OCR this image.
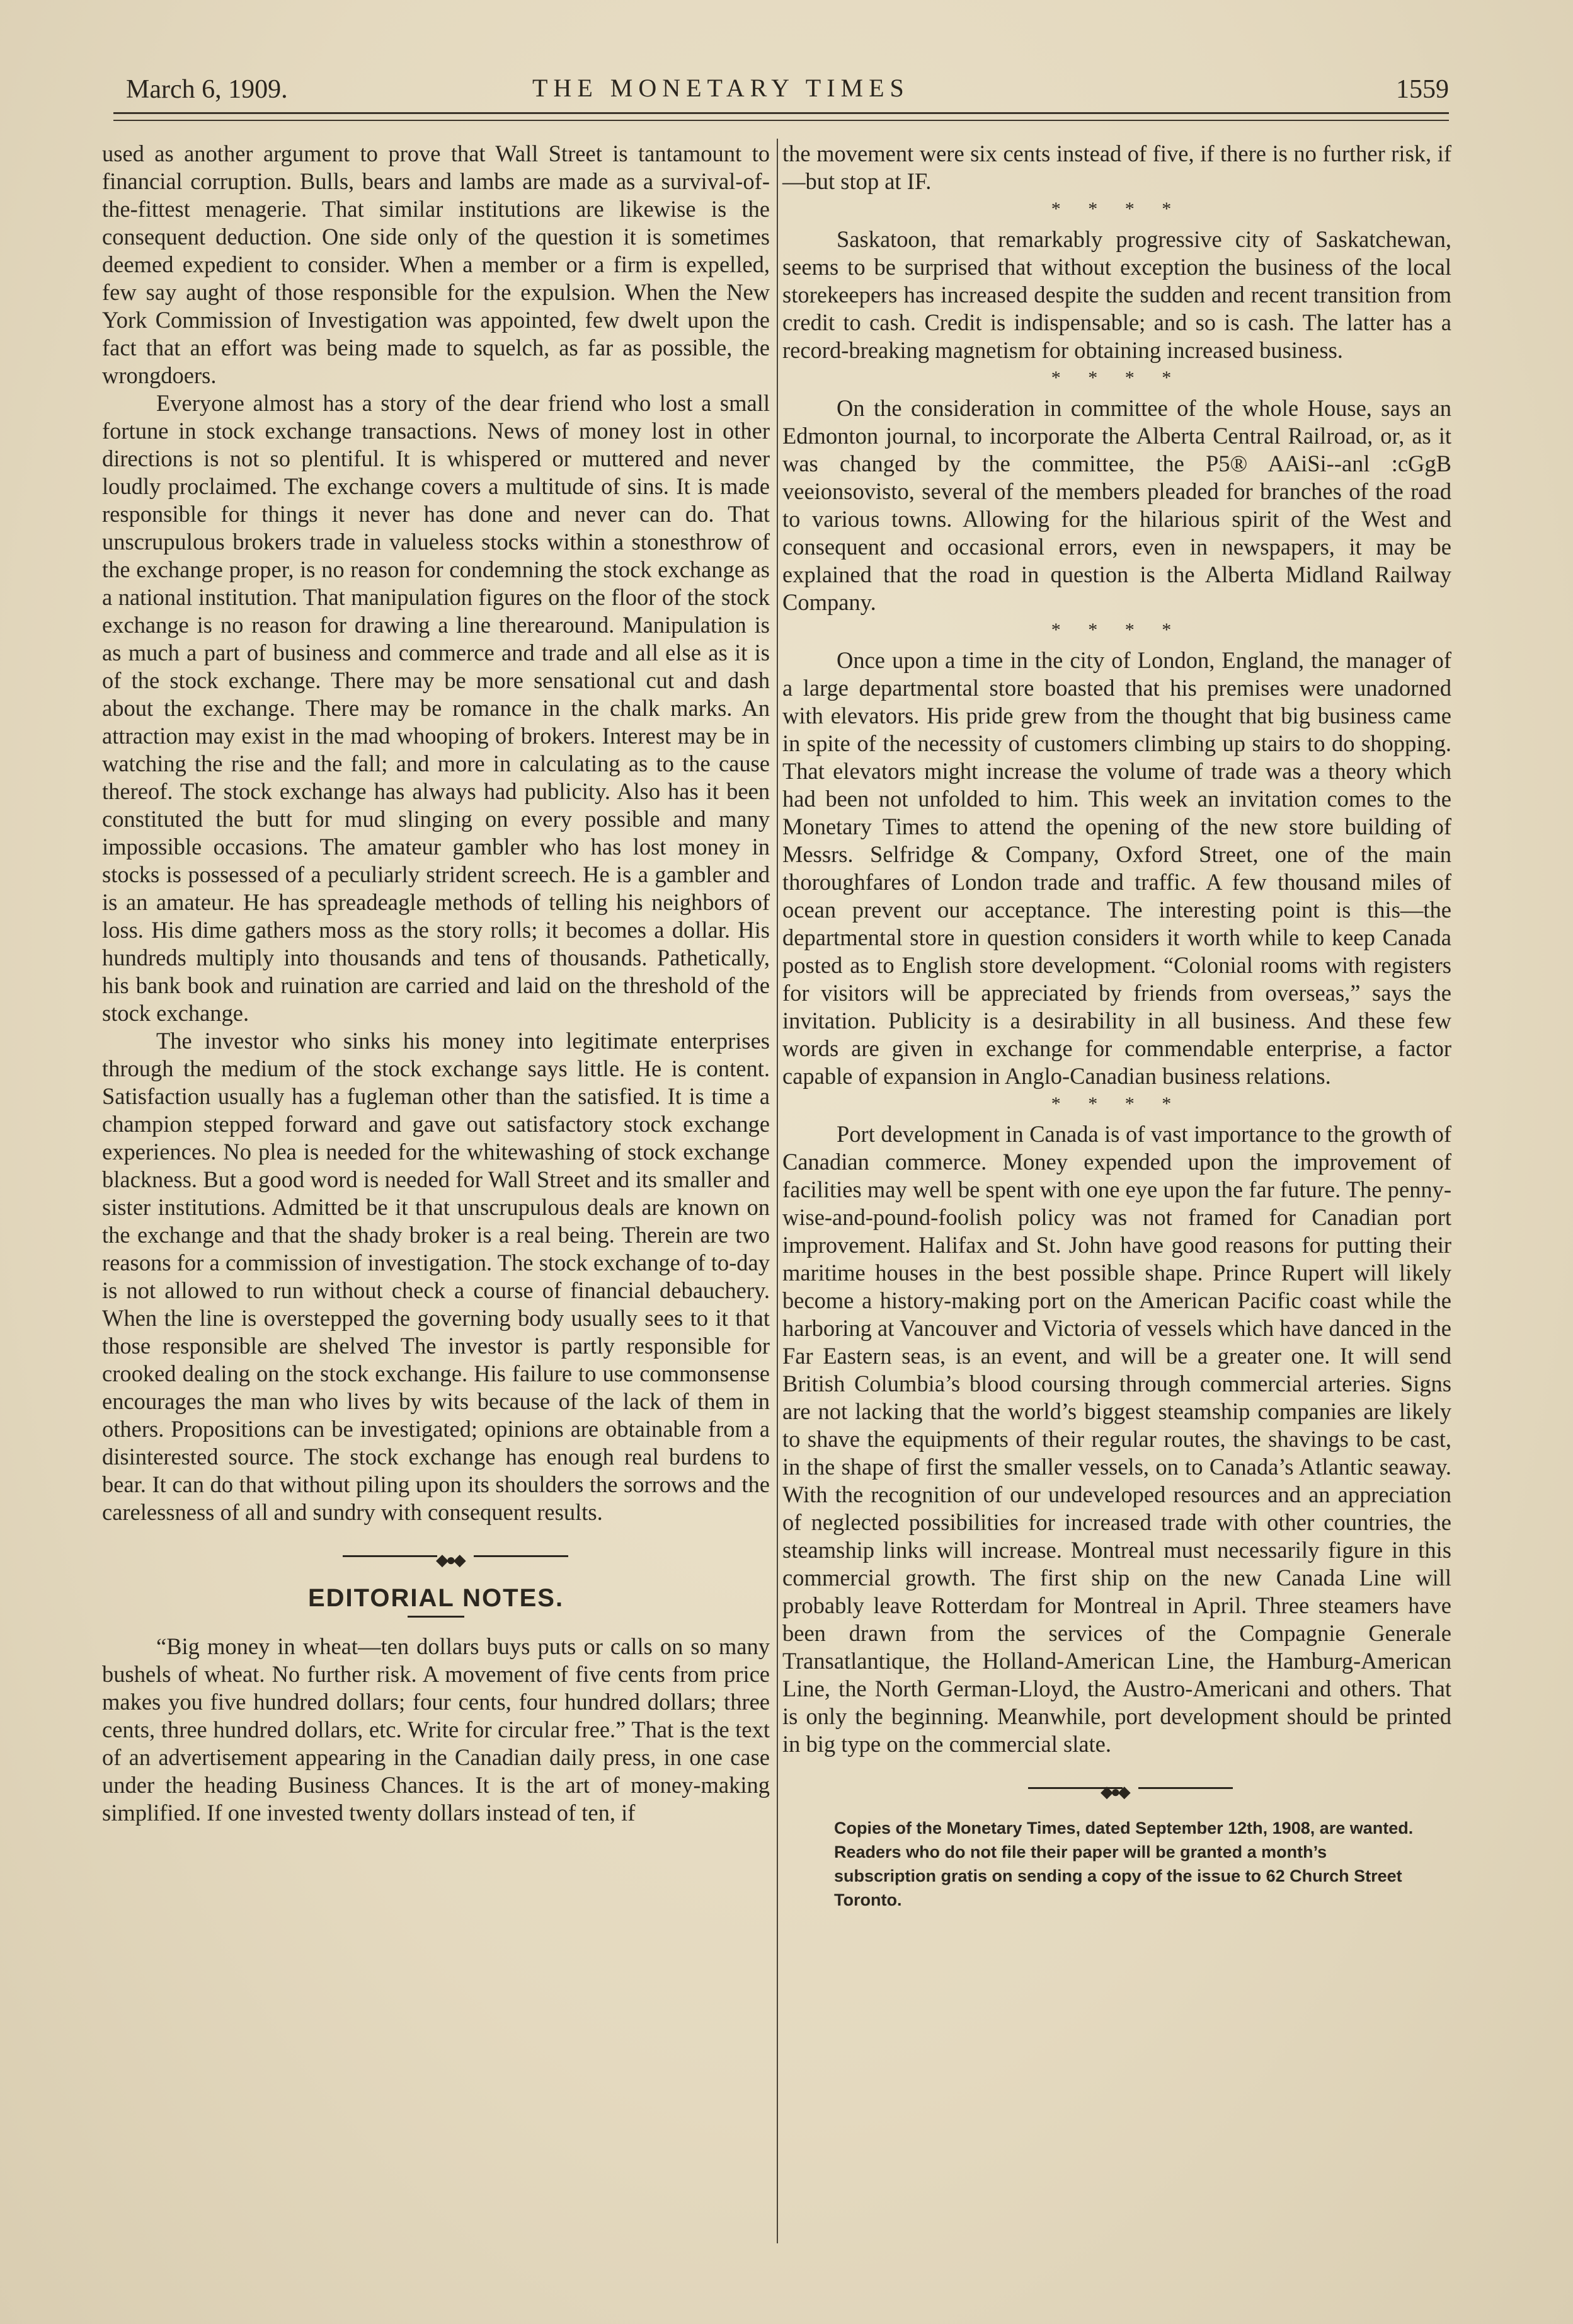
March 6, 1909.	THE MONETARY TIMES	1559

used as another argument to prove that Wall Street is tantamount to financial corruption. Bulls, bears and lambs are made as a survival-of-the-fittest menagerie. That similar institutions are likewise is the consequent deduction. One side only of the question it is sometimes deemed expedient to consider. When a member or a firm is expelled, few say aught of those responsible for the expulsion. When the New York Commission of Investigation was appointed, few dwelt upon the fact that an effort was being made to squelch, as far as possible, the wrongdoers.

Everyone almost has a story of the dear friend who lost a small fortune in stock exchange transactions. News of money lost in other directions is not so plentiful. It is whispered or muttered and never loudly proclaimed. The exchange covers a multitude of sins. It is made responsible for things it never has done and never can do. That unscrupulous brokers trade in valueless stocks within a stonesthrow of the exchange proper, is no reason for condemning the stock exchange as a national institution. That manipulation figures on the floor of the stock exchange is no reason for drawing a line therearound. Manipulation is as much a part of business and commerce and trade and all else as it is of the stock exchange. There may be more sensational cut and dash about the exchange. There may be romance in the chalk marks. An attraction may exist in the mad whooping of brokers. Interest may be in watching the rise and the fall; and more in calculating as to the cause thereof. The stock exchange has always had publicity. Also has it been constituted the butt for mud slinging on every possible and many impossible occasions. The amateur gambler who has lost money in stocks is possessed of a peculiarly strident screech. He is a gambler and is an amateur. He has spreadeagle methods of telling his neighbors of loss. His dime gathers moss as the story rolls; it becomes a dollar. His hundreds multiply into thousands and tens of thousands. Pathetically, his bank book and ruination are carried and laid on the threshold of the stock exchange.

The investor who sinks his money into legitimate enterprises through the medium of the stock exchange says little. He is content. Satisfaction usually has a fugleman other than the satisfied. It is time a champion stepped forward and gave out satisfactory stock exchange experiences. No plea is needed for the whitewashing of stock exchange blackness. But a good word is needed for Wall Street and its smaller and sister institutions. Admitted be it that unscrupulous deals are known on the exchange and that the shady broker is a real being. Therein are two reasons for a commission of investigation. The stock exchange of to-day is not allowed to run without check a course of financial debauchery. When the line is overstepped the governing body usually sees to it that those responsible are shelved The investor is partly responsible for crooked dealing on the stock exchange. His failure to use commonsense encourages the man who lives by wits because of the lack of them in others. Propositions can be investigated; opinions are obtainable from a disinterested source. The stock exchange has enough real burdens to bear. It can do that without piling upon its shoulders the sorrows and the carelessness of all and sundry with consequent results.

◆●◆
EDITORIAL NOTES.

“Big money in wheat—ten dollars buys puts or calls on so many bushels of wheat. No further risk. A movement of five cents from price makes you five hundred dollars; four cents, four hundred dollars; three cents, three hundred dollars, etc. Write for circular free.” That is the text of an advertisement appearing in the Canadian daily press, in one case under the heading Business Chances. It is the art of money-making simplified. If one invested twenty dollars instead of ten, if

the movement were six cents instead of five, if there is no further risk, if—but stop at IF.

* * * *

Saskatoon, that remarkably progressive city of Saskatchewan, seems to be surprised that without exception the business of the local storekeepers has increased despite the sudden and recent transition from credit to cash. Credit is indispensable; and so is cash. The latter has a record-breaking magnetism for obtaining increased business.

* * * *

On the consideration in committee of the whole House, says an Edmonton journal, to incorporate the Alberta Central Railroad, or, as it was changed by the committee, the P5® AAiSi--anl :cGgB veeionsovisto, several of the members pleaded for branches of the road to various towns. Allowing for the hilarious spirit of the West and consequent and occasional errors, even in newspapers, it may be explained that the road in question is the Alberta Midland Railway Company.

* * * *

Once upon a time in the city of London, England, the manager of a large departmental store boasted that his premises were unadorned with elevators. His pride grew from the thought that big business came in spite of the necessity of customers climbing up stairs to do shopping. That elevators might increase the volume of trade was a theory which had been not unfolded to him. This week an invitation comes to the Monetary Times to attend the opening of the new store building of Messrs. Selfridge & Company, Oxford Street, one of the main thoroughfares of London trade and traffic. A few thousand miles of ocean prevent our acceptance. The interesting point is this—the departmental store in question considers it worth while to keep Canada posted as to English store development. “Colonial rooms with registers for visitors will be appreciated by friends from overseas,” says the invitation. Publicity is a desirability in all business. And these few words are given in exchange for commendable enterprise, a factor capable of expansion in Anglo-Canadian business relations.

* * * *

Port development in Canada is of vast importance to the growth of Canadian commerce. Money expended upon the improvement of facilities may well be spent with one eye upon the far future. The penny-wise-and-pound-foolish policy was not framed for Canadian port improvement. Halifax and St. John have good reasons for putting their maritime houses in the best possible shape. Prince Rupert will likely become a history-making port on the American Pacific coast while the harboring at Vancouver and Victoria of vessels which have danced in the Far Eastern seas, is an event, and will be a greater one. It will send British Columbia’s blood coursing through commercial arteries. Signs are not lacking that the world’s biggest steamship companies are likely to shave the equipments of their regular routes, the shavings to be cast, in the shape of first the smaller vessels, on to Canada’s Atlantic seaway. With the recognition of our undeveloped resources and an appreciation of neglected possibilities for increased trade with other countries, the steamship links will increase. Montreal must necessarily figure in this commercial growth. The first ship on the new Canada Line will probably leave Rotterdam for Montreal in April. Three steamers have been drawn from the services of the Compagnie Generale Transatlantique, the Holland-American Line, the Hamburg-American Line, the North German-Lloyd, the Austro-Americani and others. That is only the beginning. Meanwhile, port development should be printed in big type on the commercial slate.

◆●◆
Copies of the Monetary Times, dated September 12th, 1908, are wanted. Readers who do not file their paper will be granted a month’s subscription gratis on sending a copy of the issue to 62 Church Street Toronto.
